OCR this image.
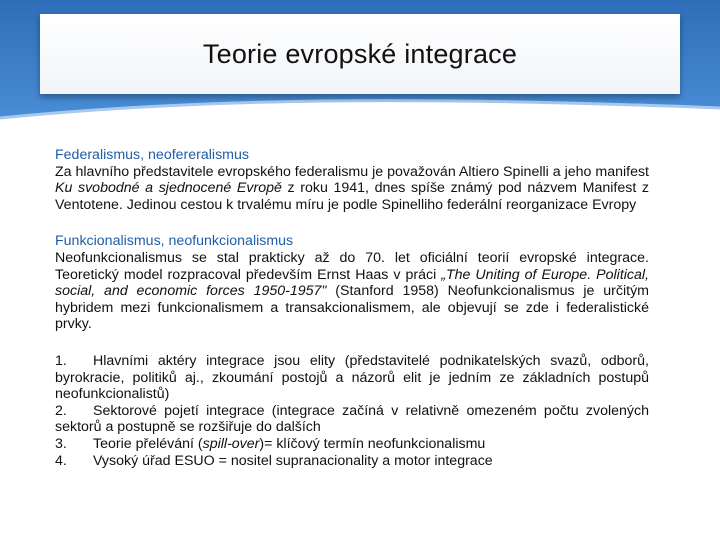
Teorie evropské integrace
Federalismus, neofereralismus

Za hlavního představitele evropského federalismu je považován Altiero Spinelli a jeho manifest Ku svobodné a sjednocené Evropě z roku 1941, dnes spíše známý pod názvem Manifest z Ventotene. Jedinou cestou k trvalému míru je podle Spinelliho federální reorganizace Evropy

Funkcionalismus, neofunkcionalismus

Neofunkcionalismus se stal prakticky až do 70. let oficiální teorií evropské integrace. Teoretický model rozpracoval především Ernst Haas v práci „The Uniting of Europe. Political, social, and economic forces 1950-1957" (Stanford 1958) Neofunkcionalismus je určitým hybridem mezi funkcionalismem a transakcionalismem, ale objevují se zde i federalistické prvky.

1. Hlavními aktéry integrace jsou elity (představitelé podnikatelských svazů, odborů, byrokracie, politiků aj., zkoumání postojů a názorů elit je jedním ze základních postupů neofunkcionalistů)

2. Sektorové pojetí integrace (integrace začíná v relativně omezeném počtu zvolených sektorů a postupně se rozšiřuje do dalších

3. Teorie přelévání (spill-over)= klíčový termín neofunkcionalismu

4. Vysoký úřad ESUO = nositel supranacionality a motor integrace
